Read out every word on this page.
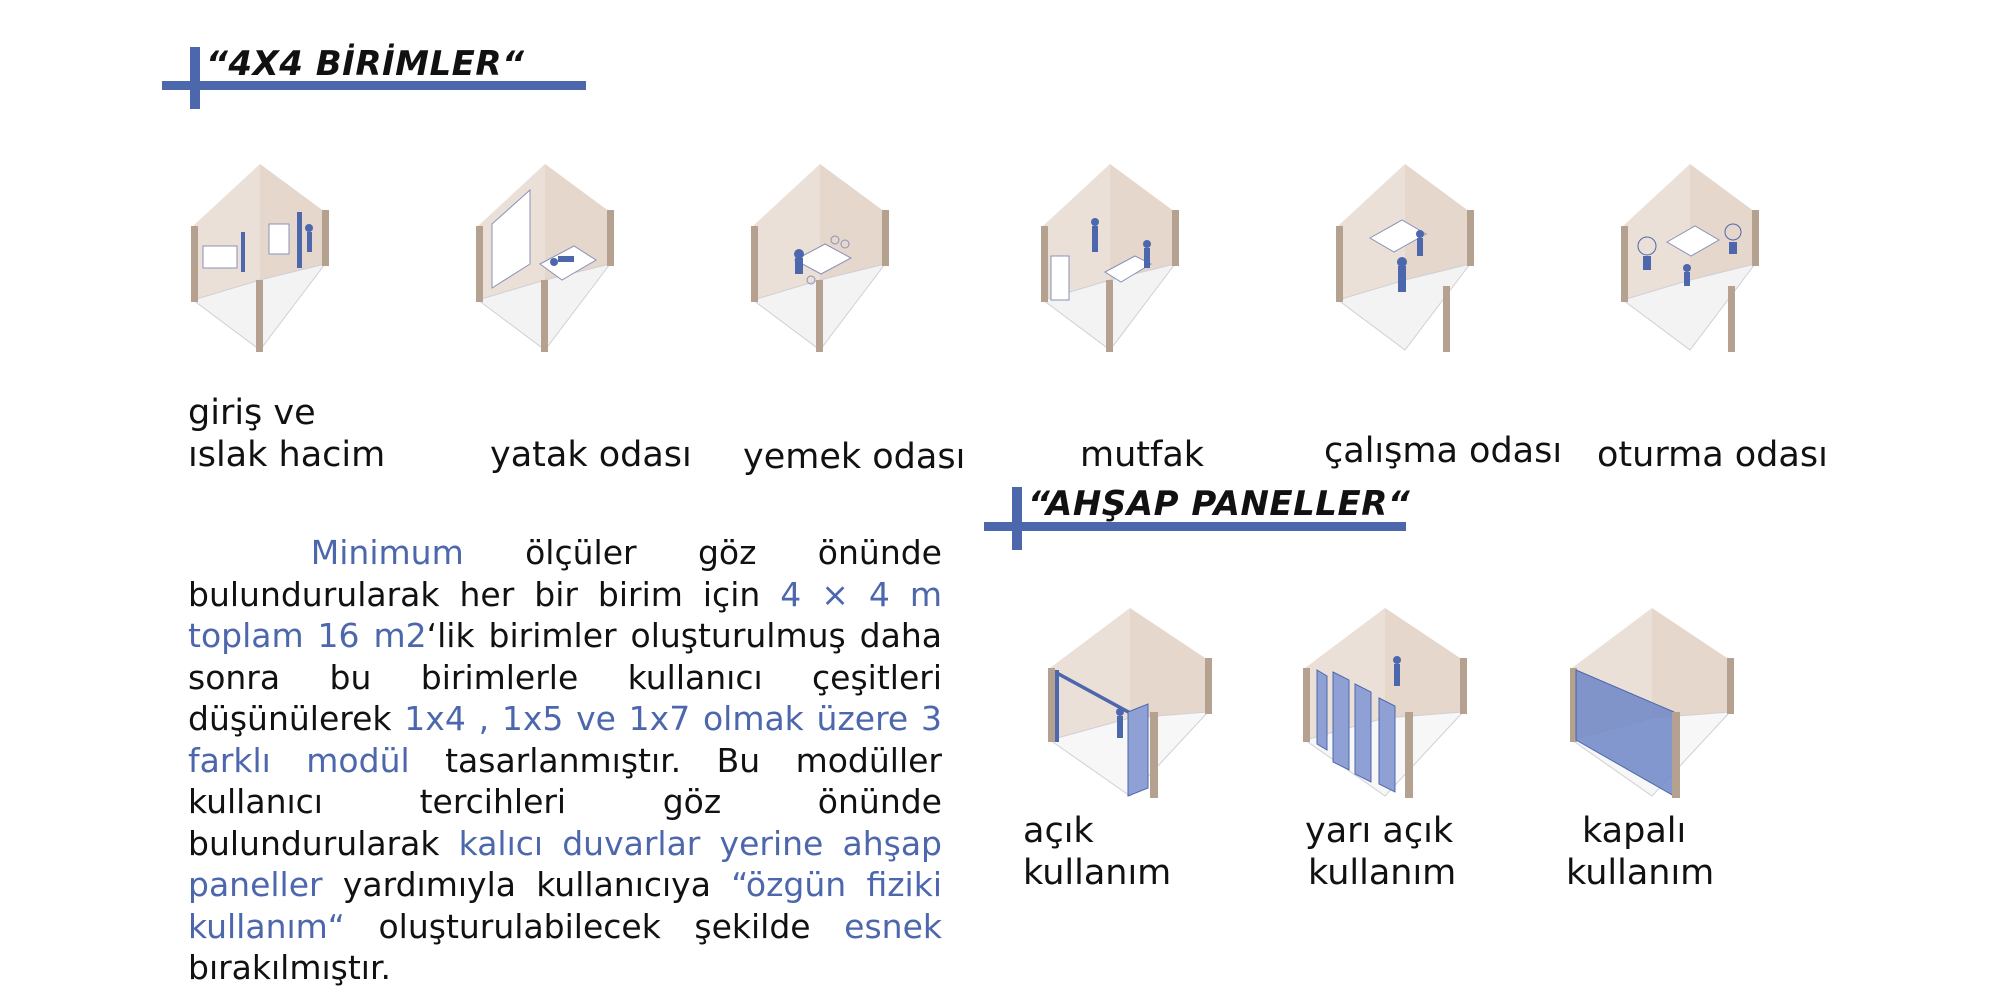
“4X4 BİRİMLER“
giriş ve
ıslak hacim	yatak odası yemek odası	mutfak	çalışma odası oturma odası
“AHŞAP PANELLER“
Minimum ölçüler göz önünde bulundurularak her bir birim için 4 × 4 m toplam 16 m2‘lik birimler oluşturulmuş daha sonra bu birimlerle kullanıcı çeşitleri düşünülerek 1x4 , 1x5 ve 1x7 olmak üzere 3 farklı modül tasarlanmıştır. Bu modüller kullanıcı tercihleri göz önünde bulundurularak kalıcı duvarlar yerine ahşap paneller yardımıyla kullanıcıya “özgün fiziki kullanım“ oluşturulabilecek şekilde esnek bırakılmıştır.
açık
kullanım
yarı açık
kullanım
kapalı
kullanım
